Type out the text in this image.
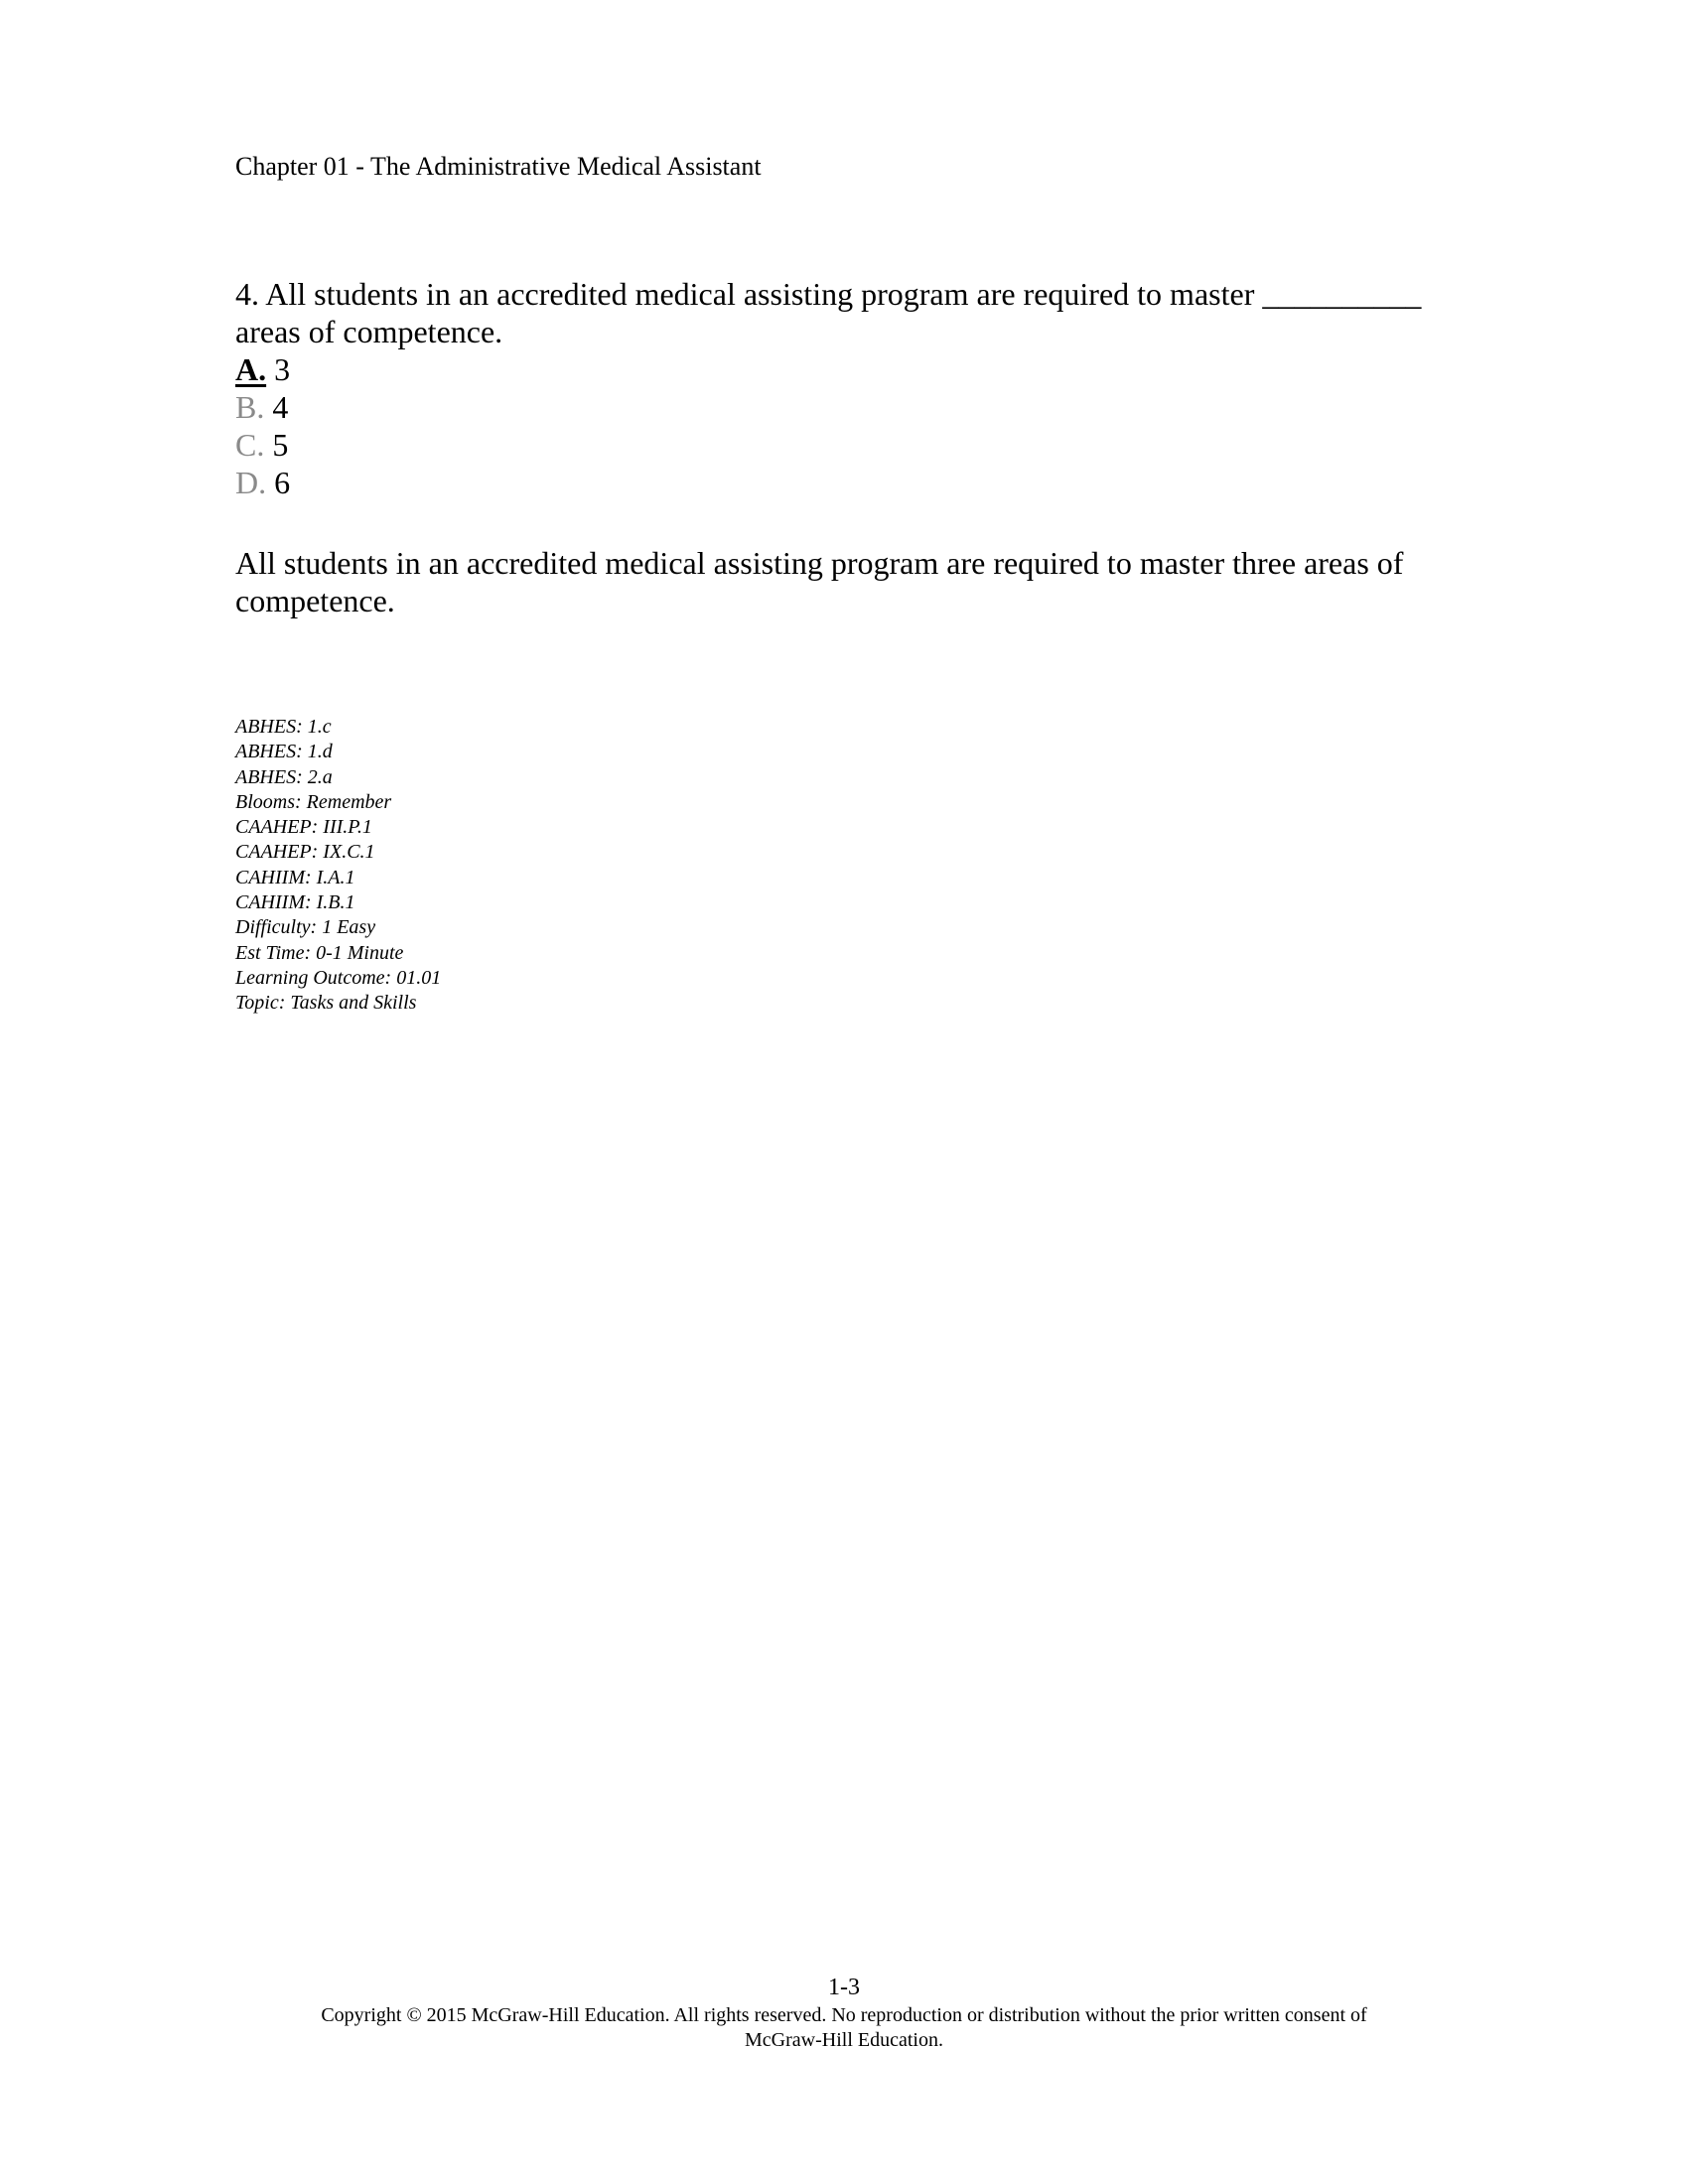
Chapter 01 - The Administrative Medical Assistant
4. All students in an accredited medical assisting program are required to master __________ areas of competence.
A. 3
B. 4
C. 5
D. 6
All students in an accredited medical assisting program are required to master three areas of competence.
ABHES: 1.c
ABHES: 1.d
ABHES: 2.a
Blooms: Remember
CAAHEP: III.P.1
CAAHEP: IX.C.1
CAHIIM: I.A.1
CAHIIM: I.B.1
Difficulty: 1 Easy
Est Time: 0-1 Minute
Learning Outcome: 01.01
Topic: Tasks and Skills
1-3
Copyright © 2015 McGraw-Hill Education. All rights reserved. No reproduction or distribution without the prior written consent of
McGraw-Hill Education.
